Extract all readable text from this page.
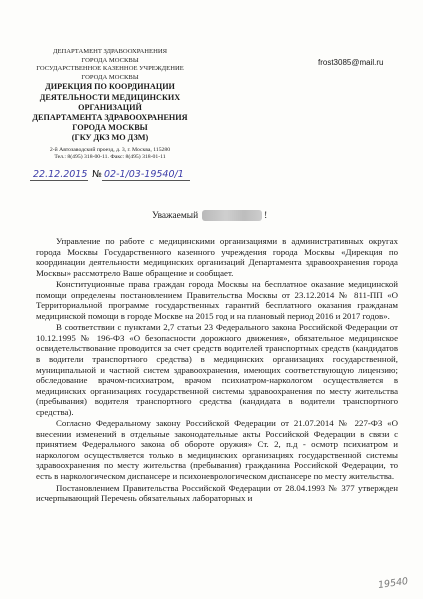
ДЕПАРТАМЕНТ ЗДРАВООХРАНЕНИЯ
ГОРОДА МОСКВЫ
ГОСУДАРСТВЕННОЕ КАЗЕННОЕ УЧРЕЖДЕНИЕ
ГОРОДА МОСКВЫ
ДИРЕКЦИЯ ПО КООРДИНАЦИИ
ДЕЯТЕЛЬНОСТИ МЕДИЦИНСКИХ
ОРГАНИЗАЦИЙ
ДЕПАРТАМЕНТА ЗДРАВООХРАНЕНИЯ
ГОРОДА МОСКВЫ
(ГКУ ДКЗ МО ДЗМ)
2-й Автозаводский проезд, д. 3, г. Москва, 115280
Тел.: 8(495) 318-00-11. Факс: 8(495) 318-01-11
frost3085@mail.ru
22.12.2015 № 02-1/03-19540/1
Уважаемый	!

Управление по работе с медицинскими организациями в административных округах города Москвы Государственного казенного учреждения города Москвы «Дирекция по координации деятельности медицинских организаций Департамента здравоохранения города Москвы» рассмотрело Ваше обращение и сообщает.

Конституционные права граждан города Москвы на бесплатное оказание медицинской помощи определены постановлением Правительства Москвы от 23.12.2014 № 811-ПП «О Территориальной программе государственных гарантий бесплатного оказания гражданам медицинской помощи в городе Москве на 2015 год и на плановый период 2016 и 2017 годов».

В соответствии с пунктами 2,7 статьи 23 Федерального закона Российской Федерации от 10.12.1995 № 196-ФЗ «О безопасности дорожного движения», обязательное медицинское освидетельствование проводится за счет средств водителей транспортных средств (кандидатов в водители транспортного средства) в медицинских организациях государственной, муниципальной и частной систем здравоохранения, имеющих соответствующую лицензию; обследование врачом-психиатром, врачом психиатром-наркологом осуществляется в медицинских организациях государственной системы здравоохранения по месту жительства (пребывания) водителя транспортного средства (кандидата в водители транспортного средства).

Согласно Федеральному закону Российской Федерации от 21.07.2014 № 227-ФЗ «О внесении изменений в отдельные законодательные акты Российской Федерации в связи с принятием Федерального закона об обороте оружия» Ст. 2, п.д - осмотр психиатром и наркологом осуществляется только в медицинских организациях государственной системы здравоохранения по месту жительства (пребывания) гражданина Российской Федерации, то есть в наркологическом диспансере и психоневрологическом диспансере по месту жительства.

Постановлением Правительства Российской Федерации от 28.04.1993 № 377 утвержден исчерпывающий Перечень обязательных лабораторных и

19540
